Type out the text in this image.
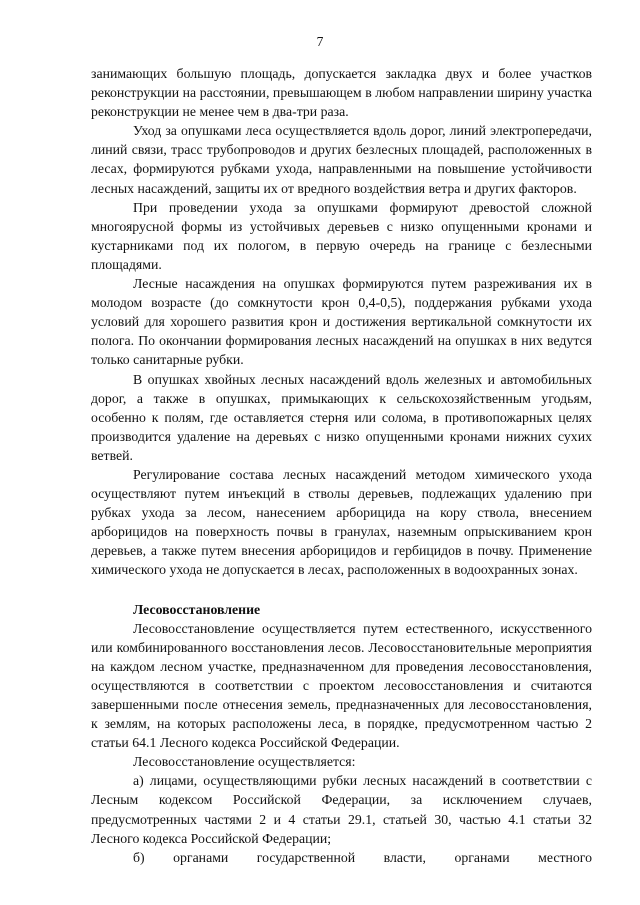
7

занимающих большую площадь, допускается закладка двух и более участков реконструкции на расстоянии, превышающем в любом направлении ширину участка реконструкции не менее чем в два-три раза.

Уход за опушками леса осуществляется вдоль дорог, линий электропередачи, линий связи, трасс трубопроводов и других безлесных площадей, расположенных в лесах, формируются рубками ухода, направленными на повышение устойчивости лесных насаждений, защиты их от вредного воздействия ветра и других факторов.

При проведении ухода за опушками формируют древостой сложной многоярусной формы из устойчивых деревьев с низко опущенными кронами и кустарниками под их пологом, в первую очередь на границе с безлесными площадями.

Лесные насаждения на опушках формируются путем разреживания их в молодом возрасте (до сомкнутости крон 0,4-0,5), поддержания рубками ухода условий для хорошего развития крон и достижения вертикальной сомкнутости их полога. По окончании формирования лесных насаждений на опушках в них ведутся только санитарные рубки.

В опушках хвойных лесных насаждений вдоль железных и автомобильных дорог, а также в опушках, примыкающих к сельскохозяйственным угодьям, особенно к полям, где оставляется стерня или солома, в противопожарных целях производится удаление на деревьях с низко опущенными кронами нижних сухих ветвей.

Регулирование состава лесных насаждений методом химического ухода осуществляют путем инъекций в стволы деревьев, подлежащих удалению при рубках ухода за лесом, нанесением арборицида на кору ствола, внесением арборицидов на поверхность почвы в гранулах, наземным опрыскиванием крон деревьев, а также путем внесения арборицидов и гербицидов в почву. Применение химического ухода не допускается в лесах, расположенных в водоохранных зонах.

Лесовосстановление

Лесовосстановление осуществляется путем естественного, искусственного или комбинированного восстановления лесов. Лесовосстановительные мероприятия на каждом лесном участке, предназначенном для проведения лесовосстановления, осуществляются в соответствии с проектом лесовосстановления и считаются завершенными после отнесения земель, предназначенных для лесовосстановления, к землям, на которых расположены леса, в порядке, предусмотренном частью 2 статьи 64.1 Лесного кодекса Российской Федерации.

Лесовосстановление осуществляется:

а) лицами, осуществляющими рубки лесных насаждений в соответствии с Лесным кодексом Российской Федерации, за исключением случаев, предусмотренных частями 2 и 4 статьи 29.1, статьей 30, частью 4.1 статьи 32 Лесного кодекса Российской Федерации;

б) органами государственной власти, органами местного
